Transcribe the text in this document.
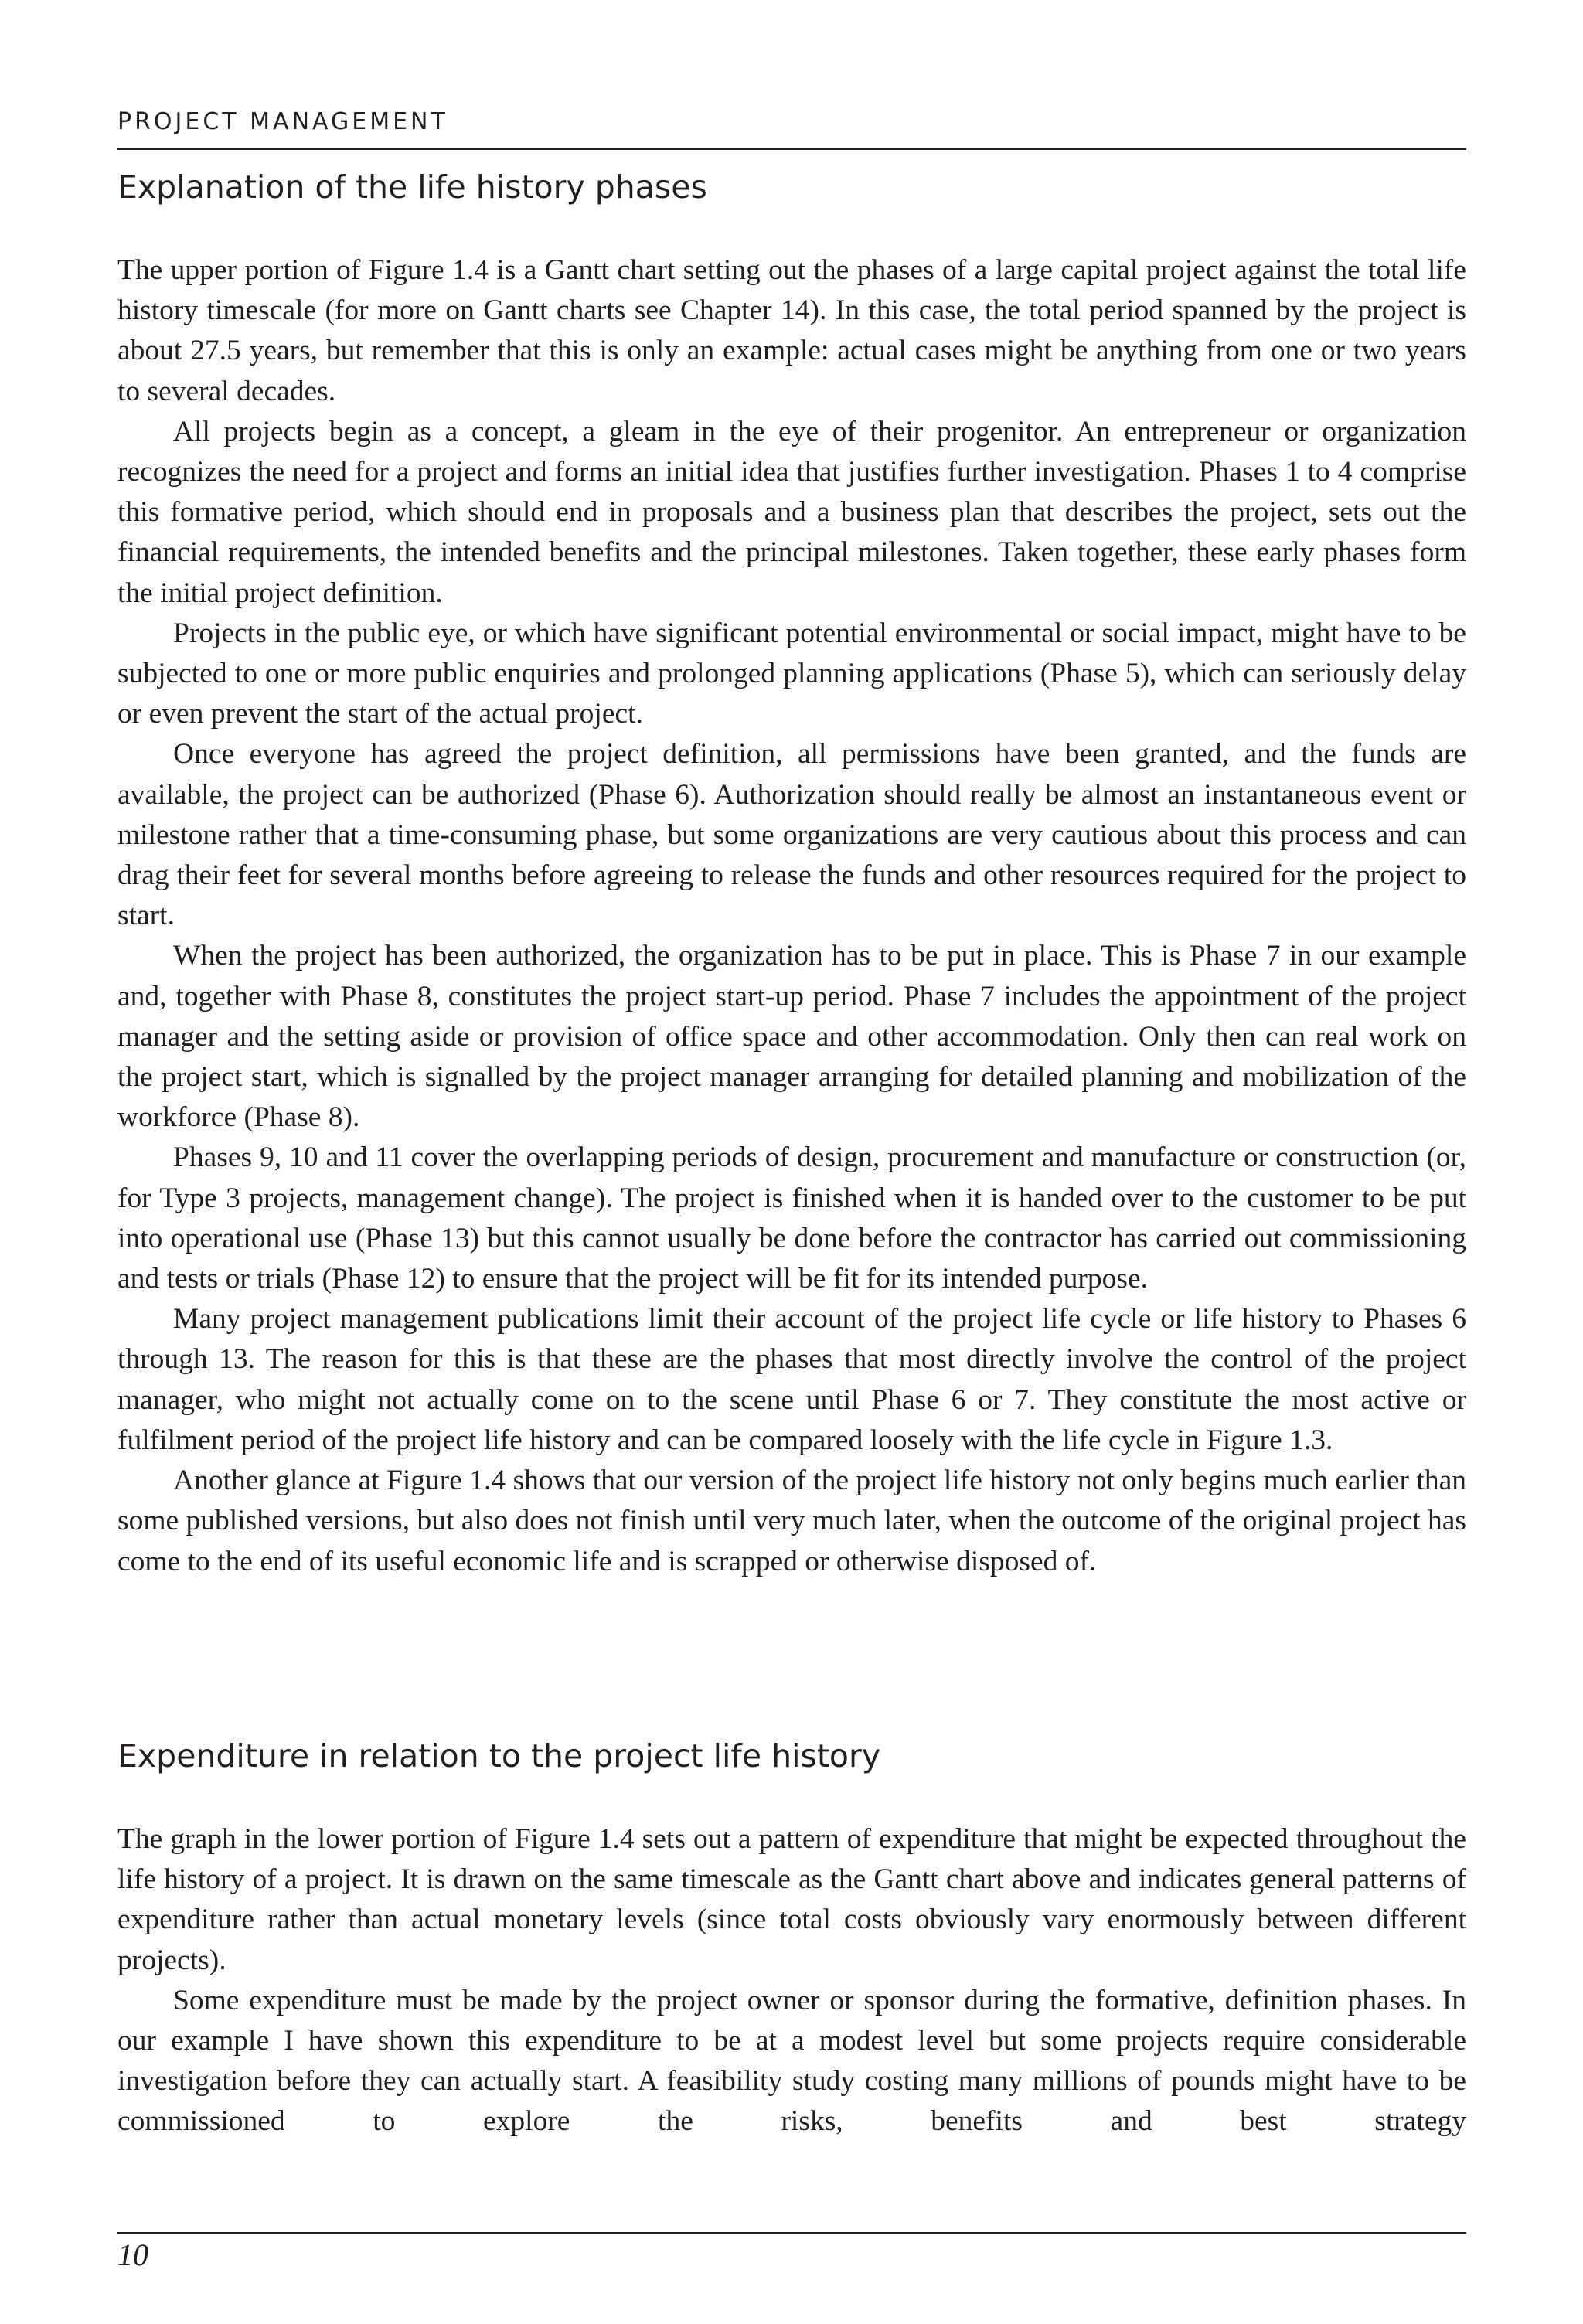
PROJECT MANAGEMENT
Explanation of the life history phases

The upper portion of Figure 1.4 is a Gantt chart setting out the phases of a large capital project against the total life history timescale (for more on Gantt charts see Chapter 14). In this case, the total period spanned by the project is about 27.5 years, but remember that this is only an example: actual cases might be anything from one or two years to several decades.

All projects begin as a concept, a gleam in the eye of their progenitor. An entrepreneur or organization recognizes the need for a project and forms an initial idea that justifies further investigation. Phases 1 to 4 comprise this formative period, which should end in proposals and a business plan that describes the project, sets out the financial requirements, the intended benefits and the principal milestones. Taken together, these early phases form the initial project definition.

Projects in the public eye, or which have significant potential environmental or social impact, might have to be subjected to one or more public enquiries and prolonged planning applications (Phase 5), which can seriously delay or even prevent the start of the actual project.

Once everyone has agreed the project definition, all permissions have been granted, and the funds are available, the project can be authorized (Phase 6). Authorization should really be almost an instantaneous event or milestone rather that a time-consuming phase, but some organizations are very cautious about this process and can drag their feet for several months before agreeing to release the funds and other resources required for the project to start.

When the project has been authorized, the organization has to be put in place. This is Phase 7 in our example and, together with Phase 8, constitutes the project start-up period. Phase 7 includes the appointment of the project manager and the setting aside or provision of office space and other accommodation. Only then can real work on the project start, which is signalled by the project manager arranging for detailed planning and mobilization of the workforce (Phase 8).

Phases 9, 10 and 11 cover the overlapping periods of design, procurement and manufacture or construction (or, for Type 3 projects, management change). The project is finished when it is handed over to the customer to be put into operational use (Phase 13) but this cannot usually be done before the contractor has carried out commissioning and tests or trials (Phase 12) to ensure that the project will be fit for its intended purpose.

Many project management publications limit their account of the project life cycle or life history to Phases 6 through 13. The reason for this is that these are the phases that most directly involve the control of the project manager, who might not actually come on to the scene until Phase 6 or 7. They constitute the most active or fulfilment period of the project life history and can be compared loosely with the life cycle in Figure 1.3.

Another glance at Figure 1.4 shows that our version of the project life history not only begins much earlier than some published versions, but also does not finish until very much later, when the outcome of the original project has come to the end of its useful economic life and is scrapped or otherwise disposed of.

Expenditure in relation to the project life history

The graph in the lower portion of Figure 1.4 sets out a pattern of expenditure that might be expected throughout the life history of a project. It is drawn on the same timescale as the Gantt chart above and indicates general patterns of expenditure rather than actual monetary levels (since total costs obviously vary enormously between different projects).

Some expenditure must be made by the project owner or sponsor during the formative, definition phases. In our example I have shown this expenditure to be at a modest level but some projects require considerable investigation before they can actually start. A feasibility study costing many millions of pounds might have to be commissioned to explore the risks, benefits and best strategy

10
